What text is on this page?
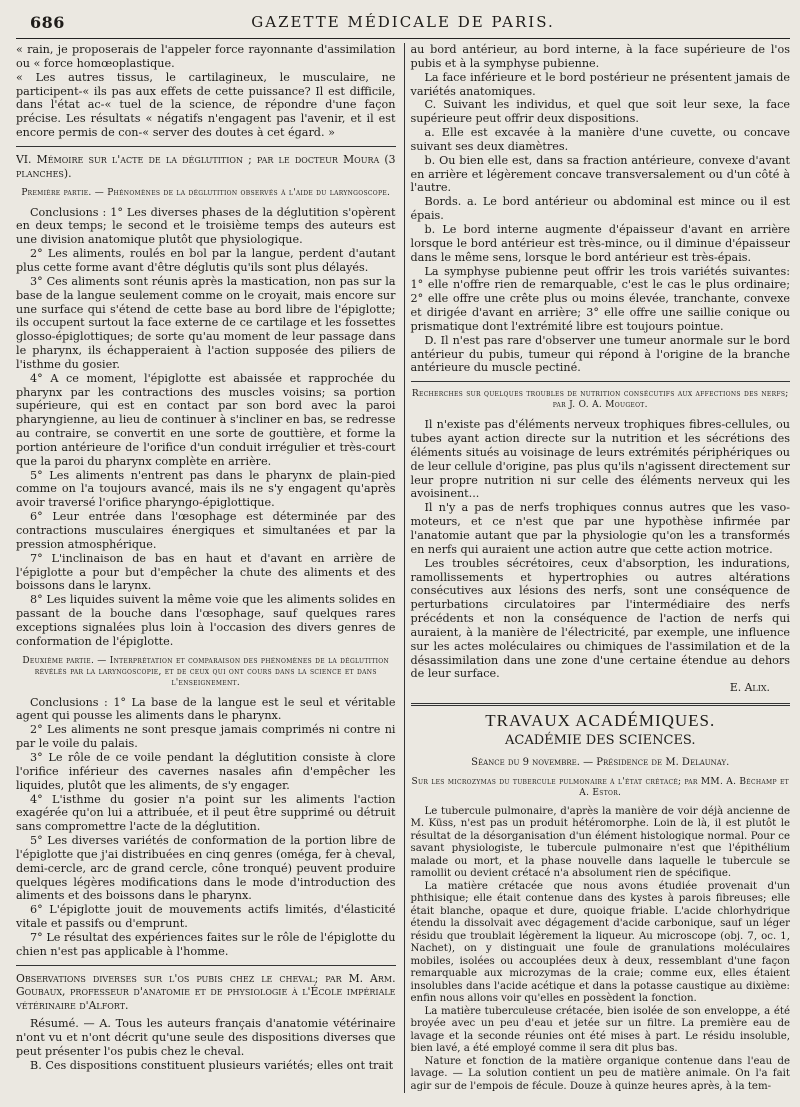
686	GAZETTE MÉDICALE DE PARIS.

« rain, je proposerais de l'appeler force rayonnante d'assimilation ou « force homœoplastique.

« Les autres tissus, le cartilagineux, le musculaire, ne participent-« ils pas aux effets de cette puissance? Il est difficile, dans l'état ac-« tuel de la science, de répondre d'une façon précise. Les résultats « négatifs n'engagent pas l'avenir, et il est encore permis de con-« server des doutes à cet égard. »

VI. Mémoire sur l'acte de la déglutition ; par le docteur Moura (3 planches).

Première partie. — Phénomènes de la déglutition observés à l'aide du laryngoscope.

Conclusions : 1° Les diverses phases de la déglutition s'opèrent en deux temps; le second et le troisième temps des auteurs est une division anatomique plutôt que physiologique.

2° Les aliments, roulés en bol par la langue, perdent d'autant plus cette forme avant d'être déglutis qu'ils sont plus délayés.

3° Ces aliments sont réunis après la mastication, non pas sur la base de la langue seulement comme on le croyait, mais encore sur une surface qui s'étend de cette base au bord libre de l'épiglotte; ils occupent surtout la face externe de ce cartilage et les fossettes glosso-épiglottiques; de sorte qu'au moment de leur passage dans le pharynx, ils échapperaient à l'action supposée des piliers de l'isthme du gosier.

4° A ce moment, l'épiglotte est abaissée et rapprochée du pharynx par les contractions des muscles voisins; sa portion supérieure, qui est en contact par son bord avec la paroi pharyngienne, au lieu de continuer à s'incliner en bas, se redresse au contraire, se convertit en une sorte de gouttière, et forme la portion antérieure de l'orifice d'un conduit irrégulier et très-court que la paroi du pharynx complète en arrière.

5° Les aliments n'entrent pas dans le pharynx de plain-pied comme on l'a toujours avancé, mais ils ne s'y engagent qu'après avoir traversé l'orifice pharyngo-épiglottique.

6° Leur entrée dans l'œsophage est déterminée par des contractions musculaires énergiques et simultanées et par la pression atmosphérique.

7° L'inclinaison de bas en haut et d'avant en arrière de l'épiglotte a pour but d'empêcher la chute des aliments et des boissons dans le larynx.

8° Les liquides suivent la même voie que les aliments solides en passant de la bouche dans l'œsophage, sauf quelques rares exceptions signalées plus loin à l'occasion des divers genres de conformation de l'épiglotte.

Deuxième partie. — Interprétation et comparaison des phénomènes de la déglutition révélés par la laryngoscopie, et de ceux qui ont cours dans la science et dans l'enseignement.

Conclusions : 1° La base de la langue est le seul et véritable agent qui pousse les aliments dans le pharynx.

2° Les aliments ne sont presque jamais comprimés ni contre ni par le voile du palais.

3° Le rôle de ce voile pendant la déglutition consiste à clore l'orifice inférieur des cavernes nasales afin d'empêcher les liquides, plutôt que les aliments, de s'y engager.

4° L'isthme du gosier n'a point sur les aliments l'action exagérée qu'on lui a attribuée, et il peut être supprimé ou détruit sans compromettre l'acte de la déglutition.

5° Les diverses variétés de conformation de la portion libre de l'épiglotte que j'ai distribuées en cinq genres (oméga, fer à cheval, demi-cercle, arc de grand cercle, cône tronqué) peuvent produire quelques légères modifications dans le mode d'introduction des aliments et des boissons dans le pharynx.

6° L'épiglotte jouit de mouvements actifs limités, d'élasticité vitale et passifs ou d'emprunt.

7° Le résultat des expériences faites sur le rôle de l'épiglotte du chien n'est pas applicable à l'homme.

Observations diverses sur l'os pubis chez le cheval; par M. Arm. Goubaux, professeur d'anatomie et de physiologie à l'École impériale vétérinaire d'Alfort.

Résumé. — A. Tous les auteurs français d'anatomie vétérinaire n'ont vu et n'ont décrit qu'une seule des dispositions diverses que peut présenter l'os pubis chez le cheval.

B. Ces dispositions constituent plusieurs variétés; elles ont trait

au bord antérieur, au bord interne, à la face supérieure de l'os pubis et à la symphyse pubienne.

La face inférieure et le bord postérieur ne présentent jamais de variétés anatomiques.

C. Suivant les individus, et quel que soit leur sexe, la face supérieure peut offrir deux dispositions.

a. Elle est excavée à la manière d'une cuvette, ou concave suivant ses deux diamètres.

b. Ou bien elle est, dans sa fraction antérieure, convexe d'avant en arrière et légèrement concave transversalement ou d'un côté à l'autre.

Bords. a. Le bord antérieur ou abdominal est mince ou il est épais.

b. Le bord interne augmente d'épaisseur d'avant en arrière lorsque le bord antérieur est très-mince, ou il diminue d'épaisseur dans le même sens, lorsque le bord antérieur est très-épais.

La symphyse pubienne peut offrir les trois variétés suivantes: 1° elle n'offre rien de remarquable, c'est le cas le plus ordinaire; 2° elle offre une crête plus ou moins élevée, tranchante, convexe et dirigée d'avant en arrière; 3° elle offre une saillie conique ou prismatique dont l'extrémité libre est toujours pointue.

D. Il n'est pas rare d'observer une tumeur anormale sur le bord antérieur du pubis, tumeur qui répond à l'origine de la branche antérieure du muscle pectiné.

Recherches sur quelques troubles de nutrition consécutifs aux affections des nerfs; par J. O. A. Mougeot.

Il n'existe pas d'éléments nerveux trophiques fibres-cellules, ou tubes ayant action directe sur la nutrition et les sécrétions des éléments situés au voisinage de leurs extrémités périphériques ou de leur cellule d'origine, pas plus qu'ils n'agissent directement sur leur propre nutrition ni sur celle des éléments nerveux qui les avoisinent...

Il n'y a pas de nerfs trophiques connus autres que les vaso-moteurs, et ce n'est que par une hypothèse infirmée par l'anatomie autant que par la physiologie qu'on les a transformés en nerfs qui auraient une action autre que cette action motrice.

Les troubles sécrétoires, ceux d'absorption, les indurations, ramollissements et hypertrophies ou autres altérations consécutives aux lésions des nerfs, sont une conséquence de perturbations circulatoires par l'intermédiaire des nerfs précédents et non la conséquence de l'action de nerfs qui auraient, à la manière de l'électricité, par exemple, une influence sur les actes moléculaires ou chimiques de l'assimilation et de la désassimilation dans une zone d'une certaine étendue au dehors de leur surface.

E. Alix.

TRAVAUX ACADÉMIQUES.

ACADÉMIE DES SCIENCES.

Séance du 9 novembre. — Présidence de M. Delaunay.

Sur les microzymas du tubercule pulmonaire à l'état crétacé; par MM. A. Béchamp et A. Estor.

Le tubercule pulmonaire, d'après la manière de voir déjà ancienne de M. Küss, n'est pas un produit hétéromorphe. Loin de là, il est plutôt le résultat de la désorganisation d'un élément histologique normal. Pour ce savant physiologiste, le tubercule pulmonaire n'est que l'épithélium malade ou mort, et la phase nouvelle dans laquelle le tubercule se ramollit ou devient crétacé n'a absolument rien de spécifique.

La matière crétacée que nous avons étudiée provenait d'un phthisique; elle était contenue dans des kystes à parois fibreuses; elle était blanche, opaque et dure, quoique friable. L'acide chlorhydrique étendu la dissolvait avec dégagement d'acide carbonique, sauf un léger résidu que troublait légèrement la liqueur. Au microscope (obj. 7, oc. 1, Nachet), on y distinguait une foule de granulations moléculaires mobiles, isolées ou accouplées deux à deux, ressemblant d'une façon remarquable aux microzymas de la craie; comme eux, elles étaient insolubles dans l'acide acétique et dans la potasse caustique au dixième: enfin nous allons voir qu'elles en possèdent la fonction.

La matière tuberculeuse crétacée, bien isolée de son enveloppe, a été broyée avec un peu d'eau et jetée sur un filtre. La première eau de lavage et la seconde réunies ont été mises à part. Le résidu insoluble, bien lavé, a été employé comme il sera dit plus bas.

Nature et fonction de la matière organique contenue dans l'eau de lavage. — La solution contient un peu de matière animale. On l'a fait agir sur de l'empois de fécule. Douze à quinze heures après, à la tem-
